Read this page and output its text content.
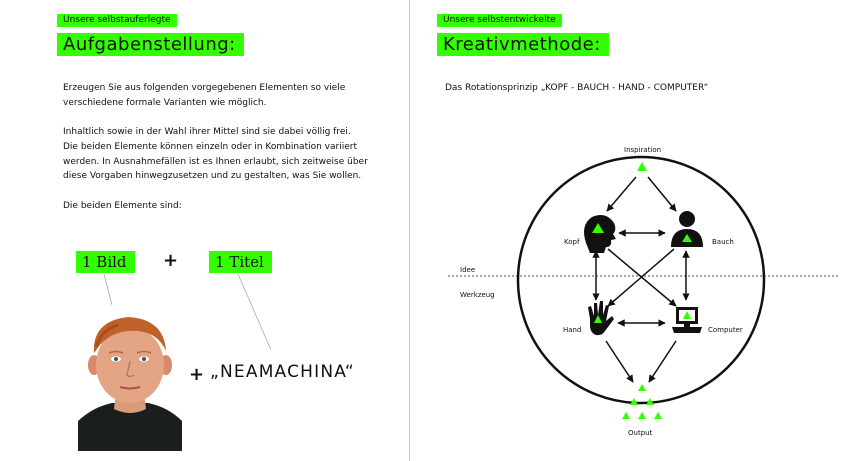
Unsere selbstauferlegte
Aufgabenstellung:
Erzeugen Sie aus folgenden vorgegebenen Elementen so viele
verschiedene formale Varianten wie möglich.
Inhaltlich sowie in der Wahl ihrer Mittel sind sie dabei völlig frei.
Die beiden Elemente können einzeln oder in Kombination variiert
werden. In Ausnahmefällen ist es Ihnen erlaubt, sich zeitweise über
diese Vorgaben hinwegzusetzen und zu gestalten, was Sie wollen.
Die beiden Elemente sind:
1 Bild	+	1 Titel
+ „NEAMACHINA“
Unsere selbstentwickelte
Kreativmethode:
Das Rotationsprinzip „KOPF - BAUCH - HAND - COMPUTER“
Inspiration
Kopf	Bauch
Idee
Werkzeug
Hand	Computer
Output
